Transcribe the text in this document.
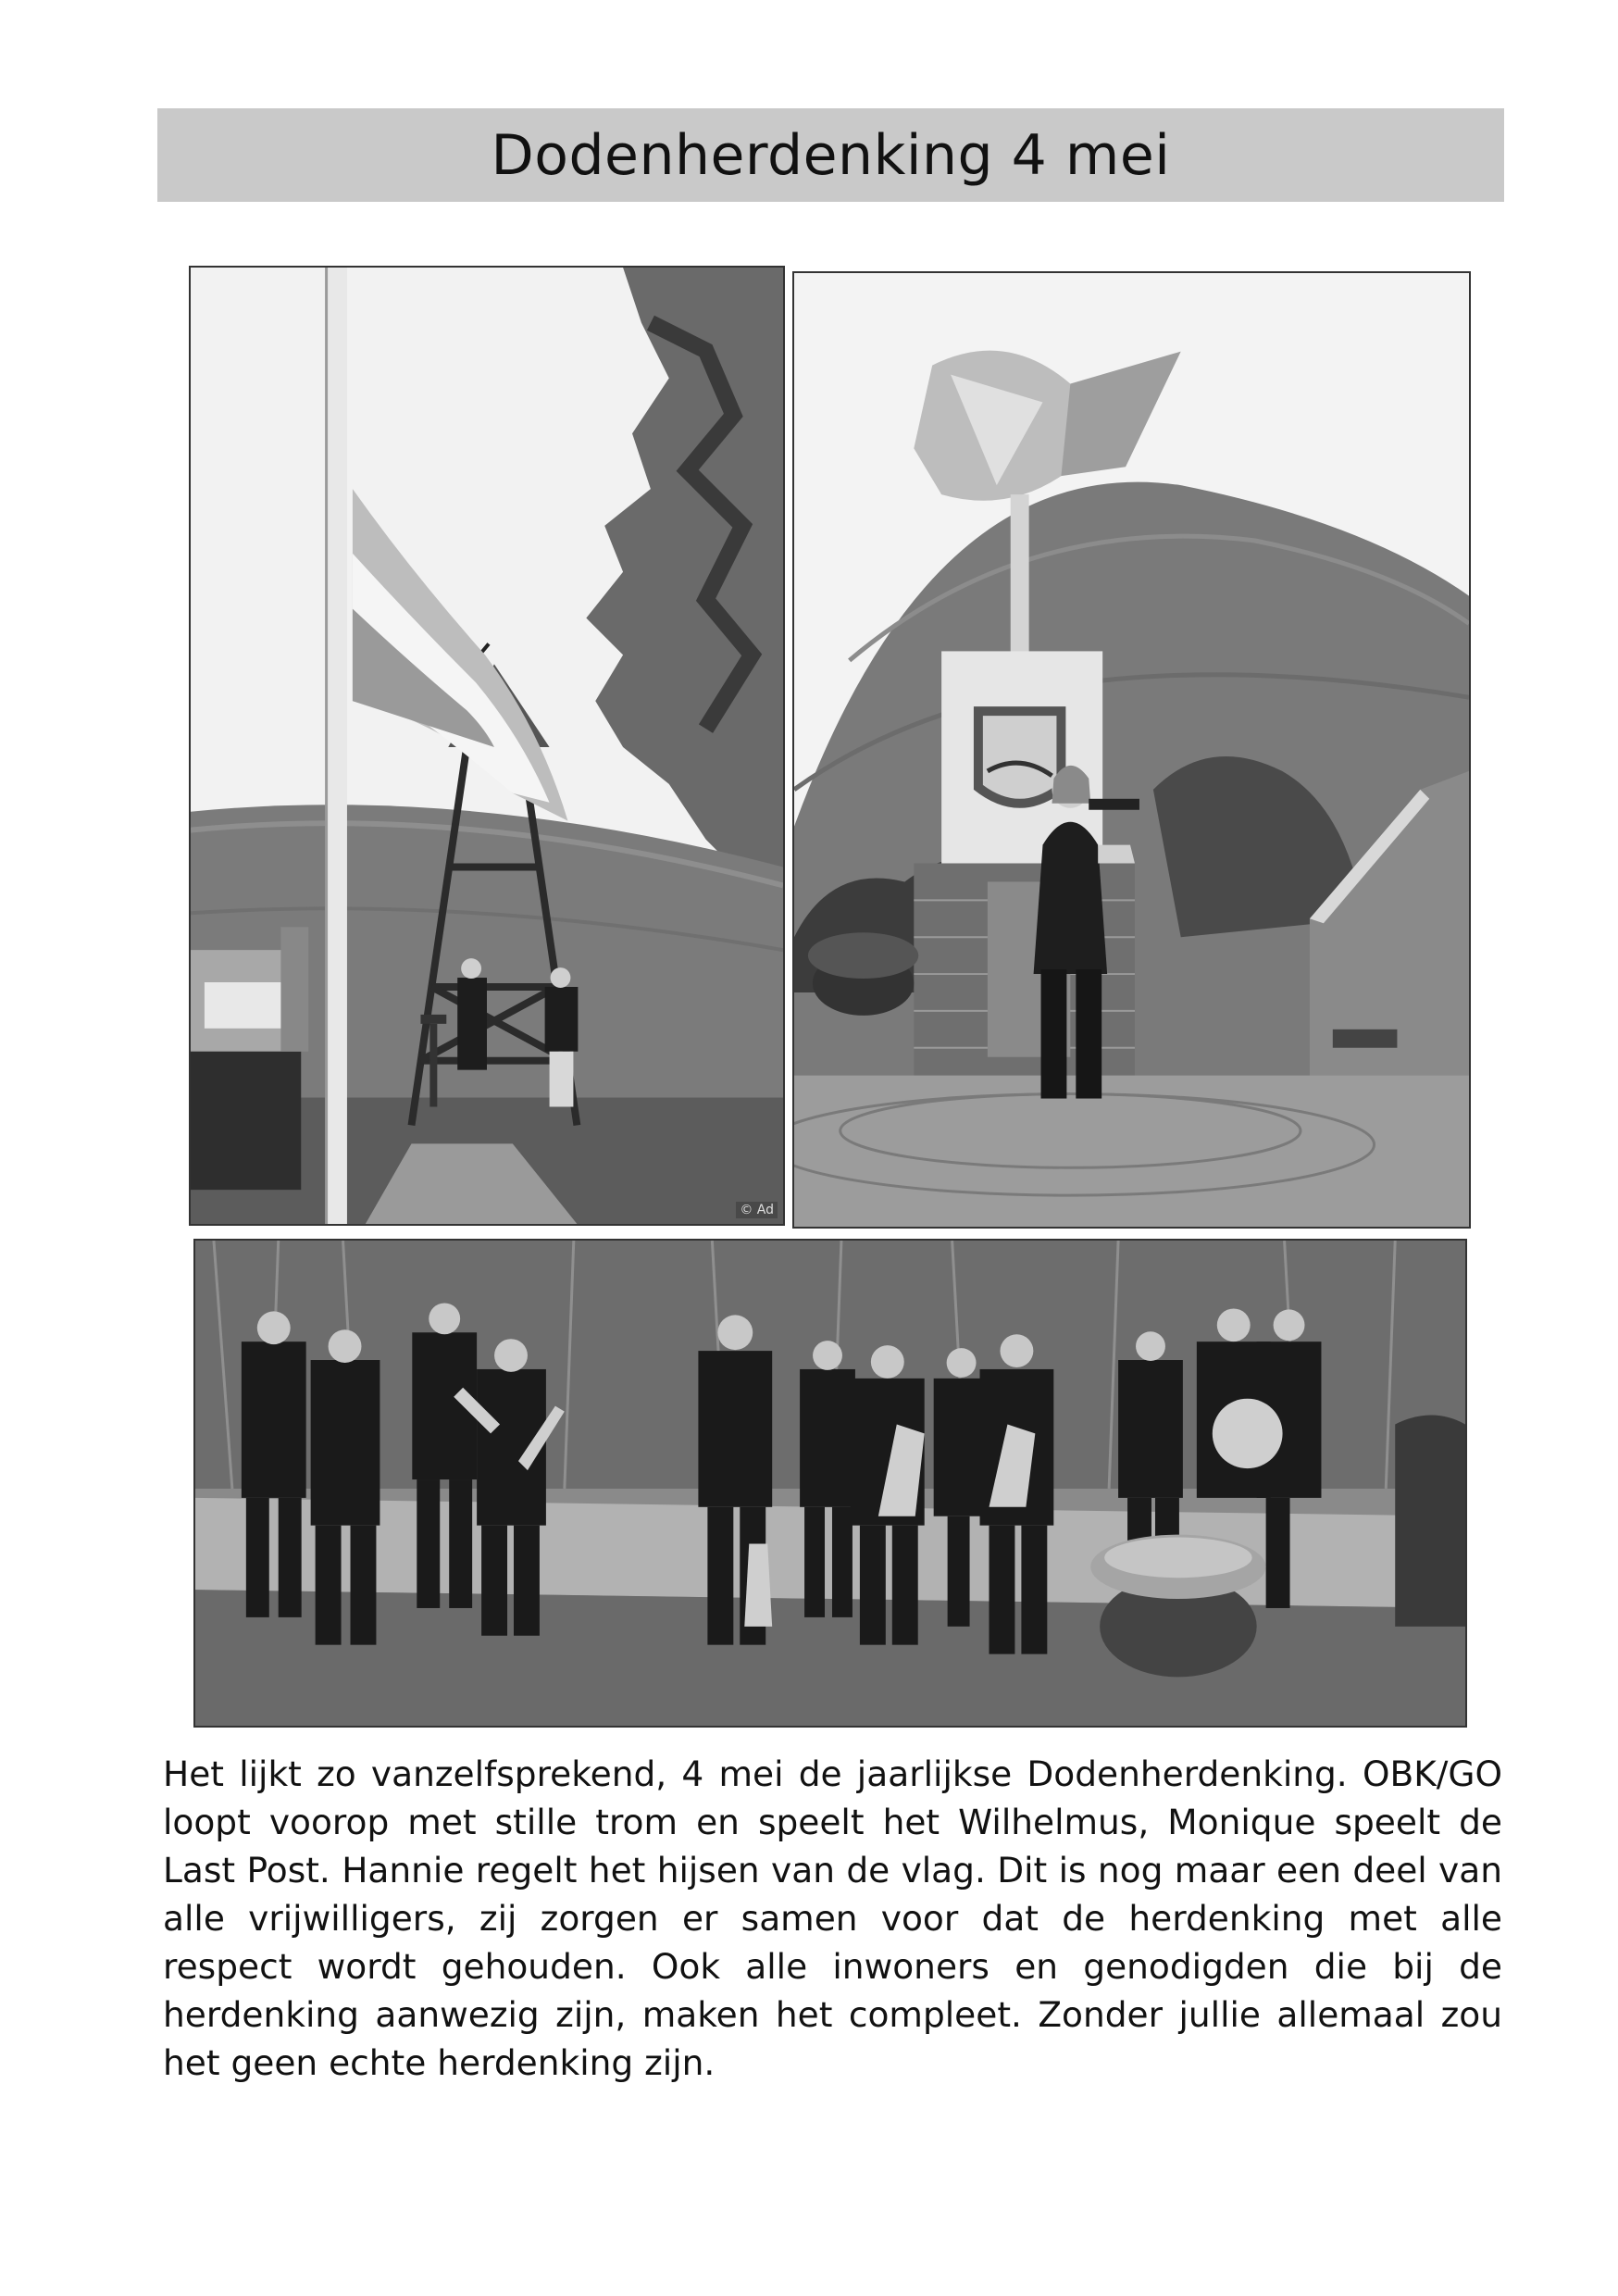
Dodenherdenking 4 mei
© Ad

Het lijkt zo vanzelfsprekend, 4 mei de jaarlijkse Dodenherdenking. OBK/GO loopt voorop met stille trom en speelt het Wilhelmus, Monique speelt de Last Post. Hannie regelt het hijsen van de vlag. Dit is nog maar een deel van alle vrijwilligers, zij zorgen er samen voor dat de herdenking met alle respect wordt gehouden. Ook alle inwoners en genodigden die bij de herdenking aanwezig zijn, maken het compleet. Zonder jullie allemaal zou het geen echte herdenking zijn.
